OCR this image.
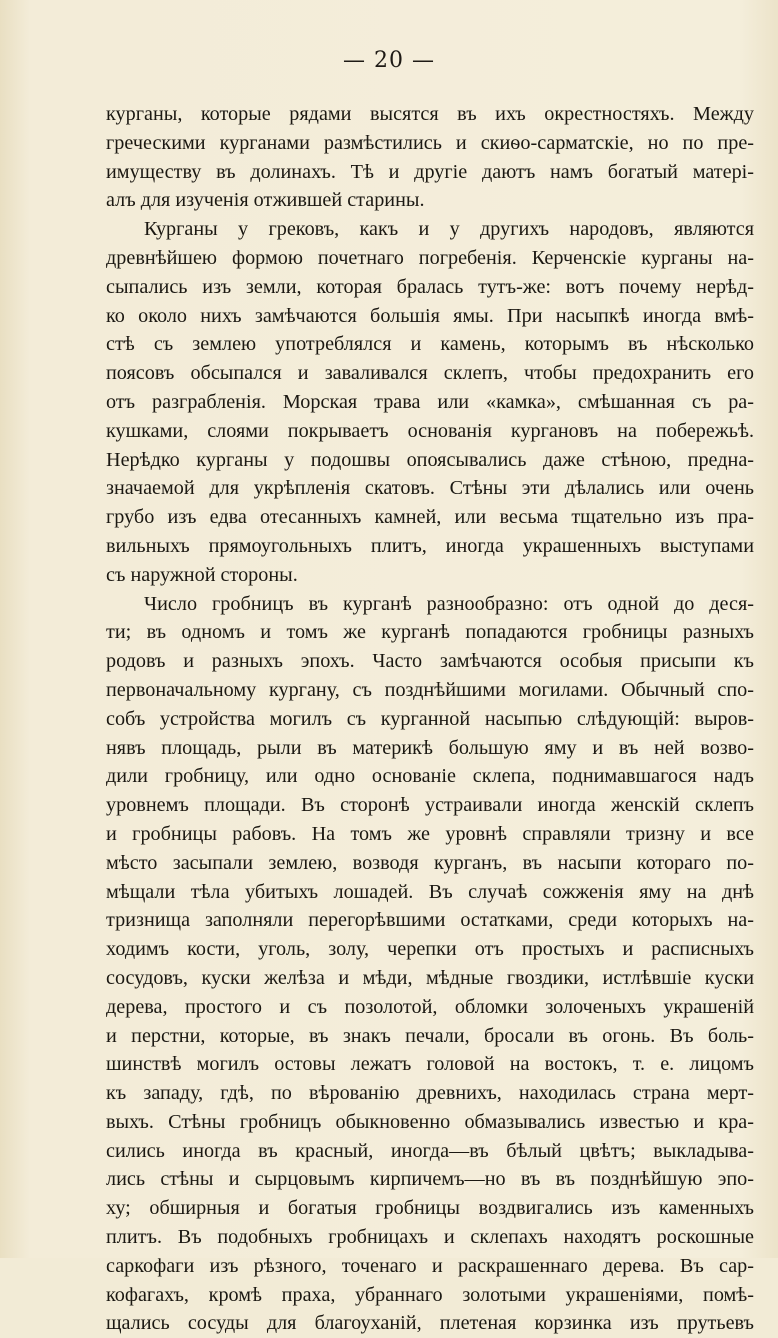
— 20 —
курганы, которые рядами высятся въ ихъ окрестностяхъ. Между
греческими курганами размѣстились и скиѳо-сарматскіе, но по пре-
имуществу въ долинахъ. Тѣ и другіе даютъ намъ богатый матері-
алъ для изученія отжившей старины.
Курганы у грековъ, какъ и у другихъ народовъ, являются
древнѣйшею формою почетнаго погребенія. Керченскіе курганы на-
сыпались изъ земли, которая бралась тутъ-же: вотъ почему нерѣд-
ко около нихъ замѣчаются большія ямы. При насыпкѣ иногда вмѣ-
стѣ съ землею употреблялся и камень, которымъ въ нѣсколько
поясовъ обсыпался и заваливался склепъ, чтобы предохранить его
отъ разграбленія. Морская трава или «камка», смѣшанная съ ра-
кушками, слоями покрываетъ основанія кургановъ на побережьѣ.
Нерѣдко курганы у подошвы опоясывались даже стѣною, предна-
значаемой для укрѣпленія скатовъ. Стѣны эти дѣлались или очень
грубо изъ едва отесанныхъ камней, или весьма тщательно изъ пра-
вильныхъ прямоугольныхъ плитъ, иногда украшенныхъ выступами
съ наружной стороны.
Число гробницъ въ курганѣ разнообразно: отъ одной до деся-
ти; въ одномъ и томъ же курганѣ попадаются гробницы разныхъ
родовъ и разныхъ эпохъ. Часто замѣчаются особыя присыпи къ
первоначальному кургану, съ позднѣйшими могилами. Обычный спо-
собъ устройства могилъ съ курганной насыпью слѣдующій: выров-
нявъ площадь, рыли въ материкѣ большую яму и въ ней возво-
дили гробницу, или одно основаніе склепа, поднимавшагося надъ
уровнемъ площади. Въ сторонѣ устраивали иногда женскій склепъ
и гробницы рабовъ. На томъ же уровнѣ справляли тризну и все
мѣсто засыпали землею, возводя курганъ, въ насыпи котораго по-
мѣщали тѣла убитыхъ лошадей. Въ случаѣ сожженія яму на днѣ
тризнища заполняли перегорѣвшими остатками, среди которыхъ на-
ходимъ кости, уголь, золу, черепки отъ простыхъ и расписныхъ
сосудовъ, куски желѣза и мѣди, мѣдные гвоздики, истлѣвшіе куски
дерева, простого и съ позолотой, обломки золоченыхъ украшеній
и перстни, которые, въ знакъ печали, бросали въ огонь. Въ боль-
шинствѣ могилъ остовы лежатъ головой на востокъ, т. е. лицомъ
къ западу, гдѣ, по вѣрованію древнихъ, находилась страна мерт-
выхъ. Стѣны гробницъ обыкновенно обмазывались известью и кра-
сились иногда въ красный, иногда—въ бѣлый цвѣтъ; выкладыва-
лись стѣны и сырцовымъ кирпичемъ—но въ въ позднѣйшую эпо-
ху; обширныя и богатыя гробницы воздвигались изъ каменныхъ
плитъ. Въ подобныхъ гробницахъ и склепахъ находятъ роскошные
саркофаги изъ рѣзного, точенаго и раскрашеннаго дерева. Въ сар-
кофагахъ, кромѣ праха, убраннаго золотыми украшеніями, помѣ-
щались сосуды для благоуханій, плетеная корзинка изъ прутьевъ
